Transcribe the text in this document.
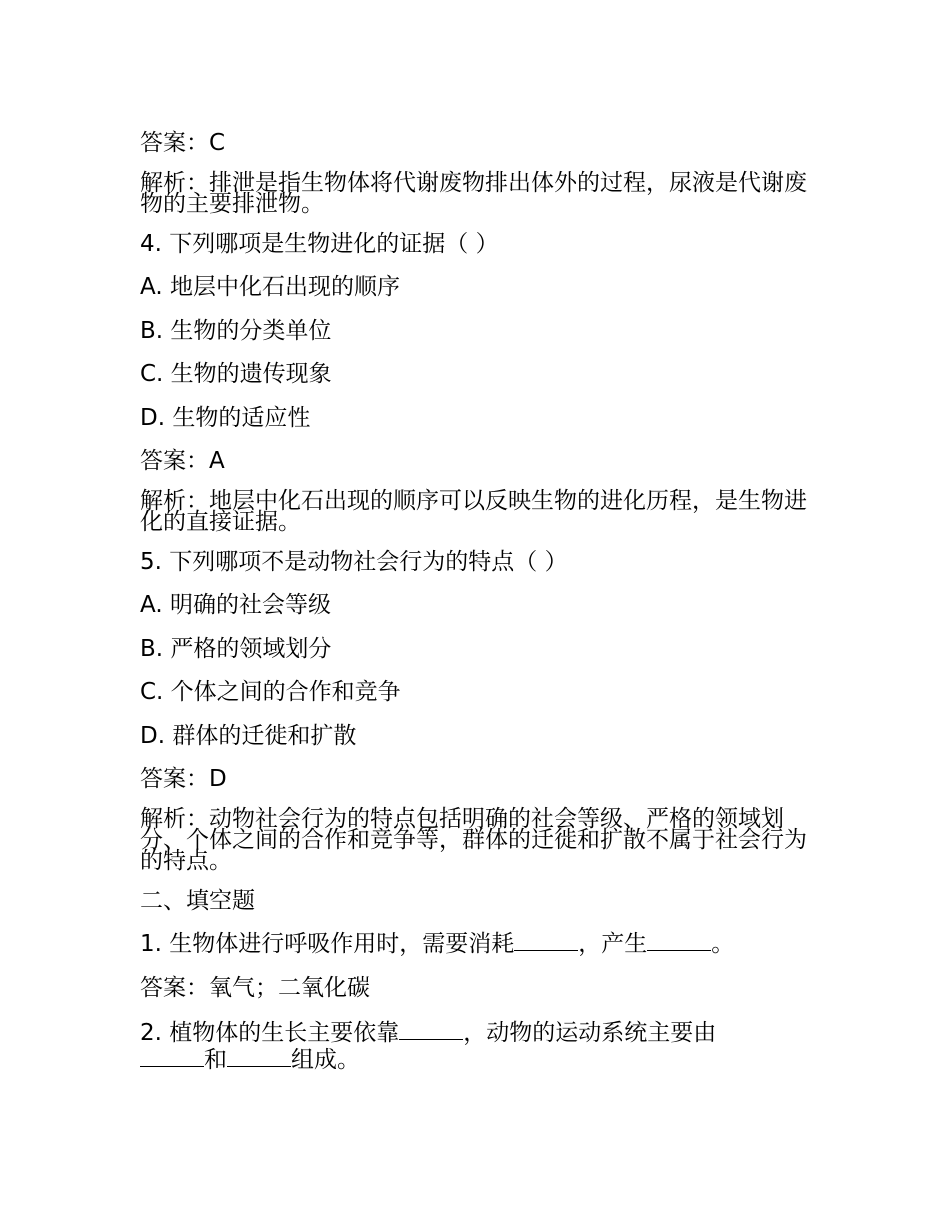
答案：C
解析：排泄是指生物体将代谢废物排出体外的过程，尿液是代谢废物的主要排泄物。
4. 下列哪项是生物进化的证据（ ）
A. 地层中化石出现的顺序
B. 生物的分类单位
C. 生物的遗传现象
D. 生物的适应性
答案：A
解析：地层中化石出现的顺序可以反映生物的进化历程，是生物进化的直接证据。
5. 下列哪项不是动物社会行为的特点（ ）
A. 明确的社会等级
B. 严格的领域划分
C. 个体之间的合作和竞争
D. 群体的迁徙和扩散
答案：D
解析：动物社会行为的特点包括明确的社会等级、严格的领域划分、个体之间的合作和竞争等，群体的迁徙和扩散不属于社会行为的特点。
二、填空题
1. 生物体进行呼吸作用时，需要消耗	，产生	。
答案：氧气；二氧化碳
2. 植物体的生长主要依靠	，动物的运动系统主要由
和	组成。
